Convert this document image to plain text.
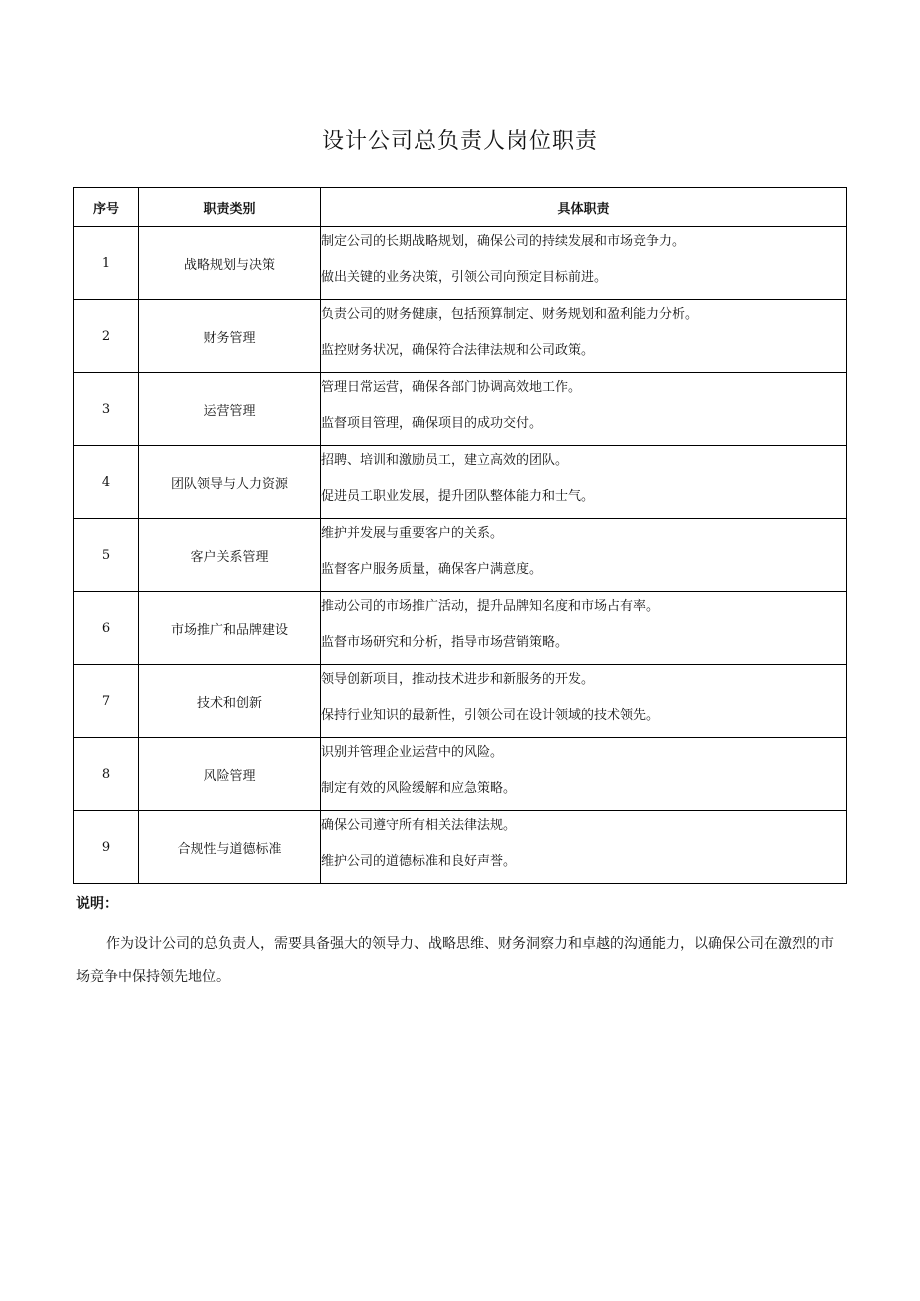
设计公司总负责人岗位职责
序号	职责类别	具体职责
1	战略规划与决策	制定公司的长期战略规划，确保公司的持续发展和市场竞争力。
做出关键的业务决策，引领公司向预定目标前进。

2	财务管理	负责公司的财务健康，包括预算制定、财务规划和盈利能力分析。
监控财务状况，确保符合法律法规和公司政策。

3	运营管理	管理日常运营，确保各部门协调高效地工作。
监督项目管理，确保项目的成功交付。

4	团队领导与人力资源	招聘、培训和激励员工，建立高效的团队。
促进员工职业发展，提升团队整体能力和士气。

5	客户关系管理	维护并发展与重要客户的关系。
监督客户服务质量，确保客户满意度。

6	市场推广和品牌建设	推动公司的市场推广活动，提升品牌知名度和市场占有率。
监督市场研究和分析，指导市场营销策略。

7	技术和创新	领导创新项目，推动技术进步和新服务的开发。
保持行业知识的最新性，引领公司在设计领域的技术领先。

8	风险管理	识别并管理企业运营中的风险。
制定有效的风险缓解和应急策略。

9	合规性与道德标准	确保公司遵守所有相关法律法规。
维护公司的道德标准和良好声誉。
说明：
作为设计公司的总负责人，需要具备强大的领导力、战略思维、财务洞察力和卓越的沟通能力，以确保公司在激烈的市场竞争中保持领先地位。
